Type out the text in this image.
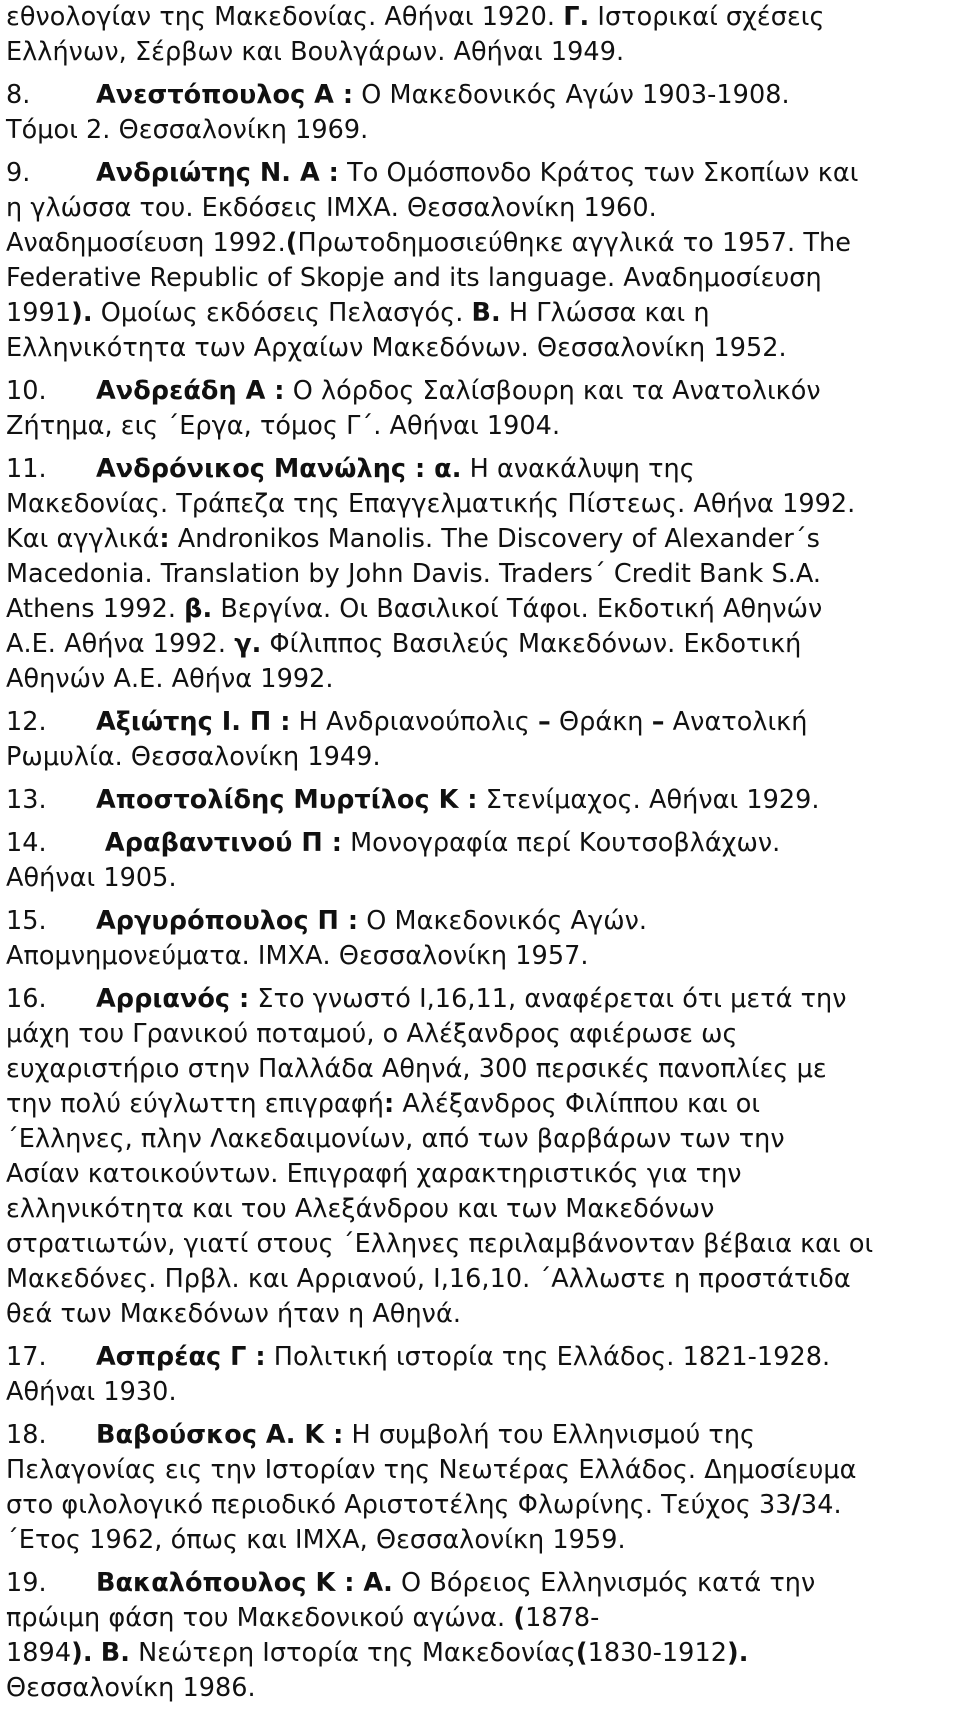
εθνολογίαν της Μακεδονίας. Αθήναι 1920. Γ. Ιστορικαί σχέσεις
Ελλήνων, Σέρβων και Βουλγάρων. Αθήναι 1949.
8.	Ανεστόπουλος Α : Ο Μακεδονικός Αγών 1903-1908.
Τόμοι 2. Θεσσαλονίκη 1969.
9.	Ανδριώτης Ν. Α : Το Ομόσπονδο Κράτος των Σκοπίων και
η γλώσσα του. Εκδόσεις ΙΜΧΑ. Θεσσαλονίκη 1960.
Αναδημοσίευση 1992.(Πρωτοδημοσιεύθηκε αγγλικά το 1957. The
Federative Republic of Skopje and its language. Αναδημοσίευση
1991). Ομοίως εκδόσεις Πελασγός. Β. Η Γλώσσα και η
Ελληνικότητα των Αρχαίων Μακεδόνων. Θεσσαλονίκη 1952.
10. Ανδρεάδη Α : Ο λόρδος Σαλίσβουρη και τα Ανατολικόν
Ζήτημα, εις ΄Εργα, τόμος Γ΄. Αθήναι 1904.
11. Ανδρόνικος Μανώλης : α. Η ανακάλυψη της
Μακεδονίας. Τράπεζα της Επαγγελματικής Πίστεως. Αθήνα 1992.
Και αγγλικά: Andronikos Manolis. The Discovery of Alexander΄s
Macedonia. Translation by John Davis. Traders΄ Credit Bank S.A.
Athens 1992. β. Βεργίνα. Οι Βασιλικοί Τάφοι. Εκδοτική Αθηνών
Α.Ε. Αθήνα 1992. γ. Φίλιππος Βασιλεύς Μακεδόνων. Εκδοτική
Αθηνών Α.Ε. Αθήνα 1992.
12. Αξιώτης Ι. Π : Η Ανδριανούπολις – Θράκη – Ανατολική
Ρωμυλία. Θεσσαλονίκη 1949.
13. Αποστολίδης Μυρτίλος Κ : Στενίμαχος. Αθήναι 1929.
14. Αραβαντινού Π : Μονογραφία περί Κουτσοβλάχων.
Αθήναι 1905.
15. Αργυρόπουλος Π : Ο Μακεδονικός Αγών.
Απομνημονεύματα. ΙΜΧΑ. Θεσσαλονίκη 1957.
16. Αρριανός : Στο γνωστό Ι,16,11, αναφέρεται ότι μετά την
μάχη του Γρανικού ποταμού, ο Αλέξανδρος αφιέρωσε ως
ευχαριστήριο στην Παλλάδα Αθηνά, 300 περσικές πανοπλίες με
την πολύ εύγλωττη επιγραφή: Αλέξανδρος Φιλίππου και οι
΄Ελληνες, πλην Λακεδαιμονίων, από των βαρβάρων των την
Ασίαν κατοικούντων. Επιγραφή χαρακτηριστικός για την
ελληνικότητα και του Αλεξάνδρου και των Μακεδόνων
στρατιωτών, γιατί στους ΄Ελληνες περιλαμβάνονταν βέβαια και οι
Μακεδόνες. Πρβλ. και Αρριανού, Ι,16,10. ΄Αλλωστε η προστάτιδα
θεά των Μακεδόνων ήταν η Αθηνά.
17. Ασπρέας Γ : Πολιτική ιστορία της Ελλάδος. 1821-1928.
Αθήναι 1930.
18. Βαβούσκος Α. Κ : Η συμβολή του Ελληνισμού της
Πελαγονίας εις την Ιστορίαν της Νεωτέρας Ελλάδος. Δημοσίευμα
στο φιλολογικό περιοδικό Αριστοτέλης Φλωρίνης. Τεύχος 33/34.
΄Ετος 1962, όπως και ΙΜΧΑ, Θεσσαλονίκη 1959.
19. Βακαλόπουλος Κ : Α. Ο Βόρειος Ελληνισμός κατά την
πρώιμη φάση του Μακεδονικού αγώνα. (1878-
1894). Β. Νεώτερη Ιστορία της Μακεδονίας(1830-1912).
Θεσσαλονίκη 1986.
